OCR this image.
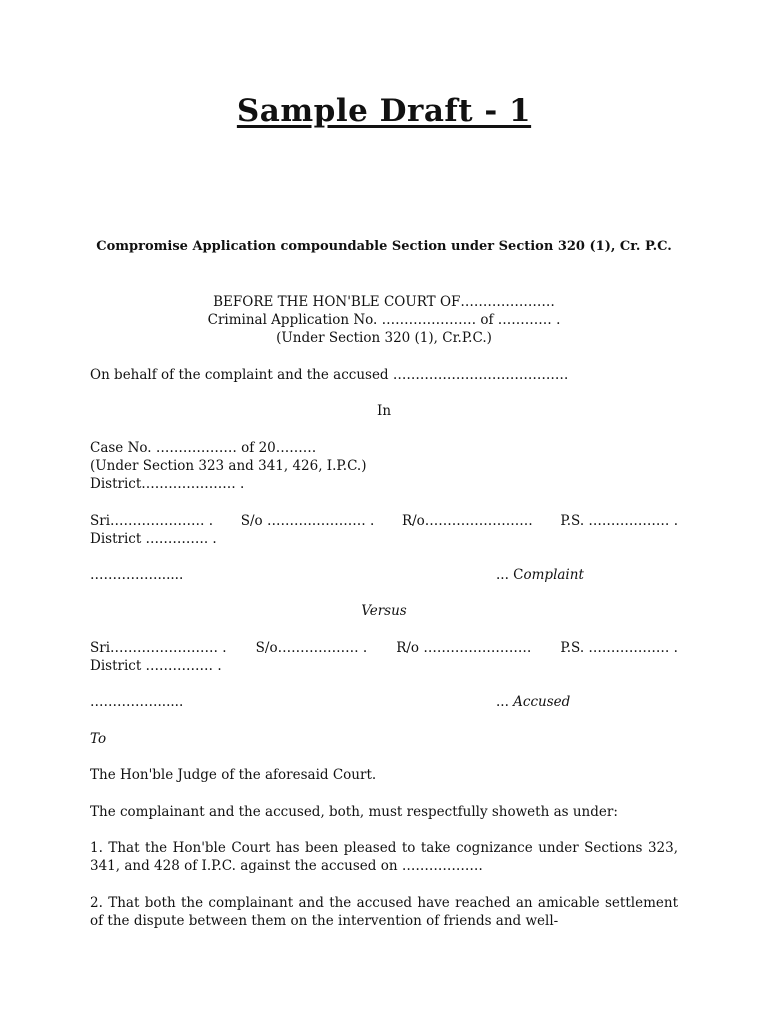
Sample Draft - 1
Compromise Application compoundable Section under Section 320 (1), Cr. P.C.
BEFORE THE HON'BLE COURT OF…………………
Criminal Application No. ………………… of ………… .
(Under Section 320 (1), Cr.P.C.)
On behalf of the complaint and the accused …………………………………
In
Case No. ……………… of 20………
(Under Section 323 and 341, 426, I.P.C.)
District………………… .
Sri………………… . S/o ……….………… . R/o…………………… P.S. ……………… .
District ….………. .
……………......	... Complaint
Versus
Sri…………………… . S/o……………… . R/o …………………… P.S. ……………… .
District …………… .
……………......	... Accused
To
The Hon'ble Judge of the aforesaid Court.
The complainant and the accused, both, must respectfully showeth as under:
1. That the Hon'ble Court has been pleased to take cognizance under Sections 323, 341, and 428 of I.P.C. against the accused on ………………
2. That both the complainant and the accused have reached an amicable settlement of the dispute between them on the intervention of friends and well-
